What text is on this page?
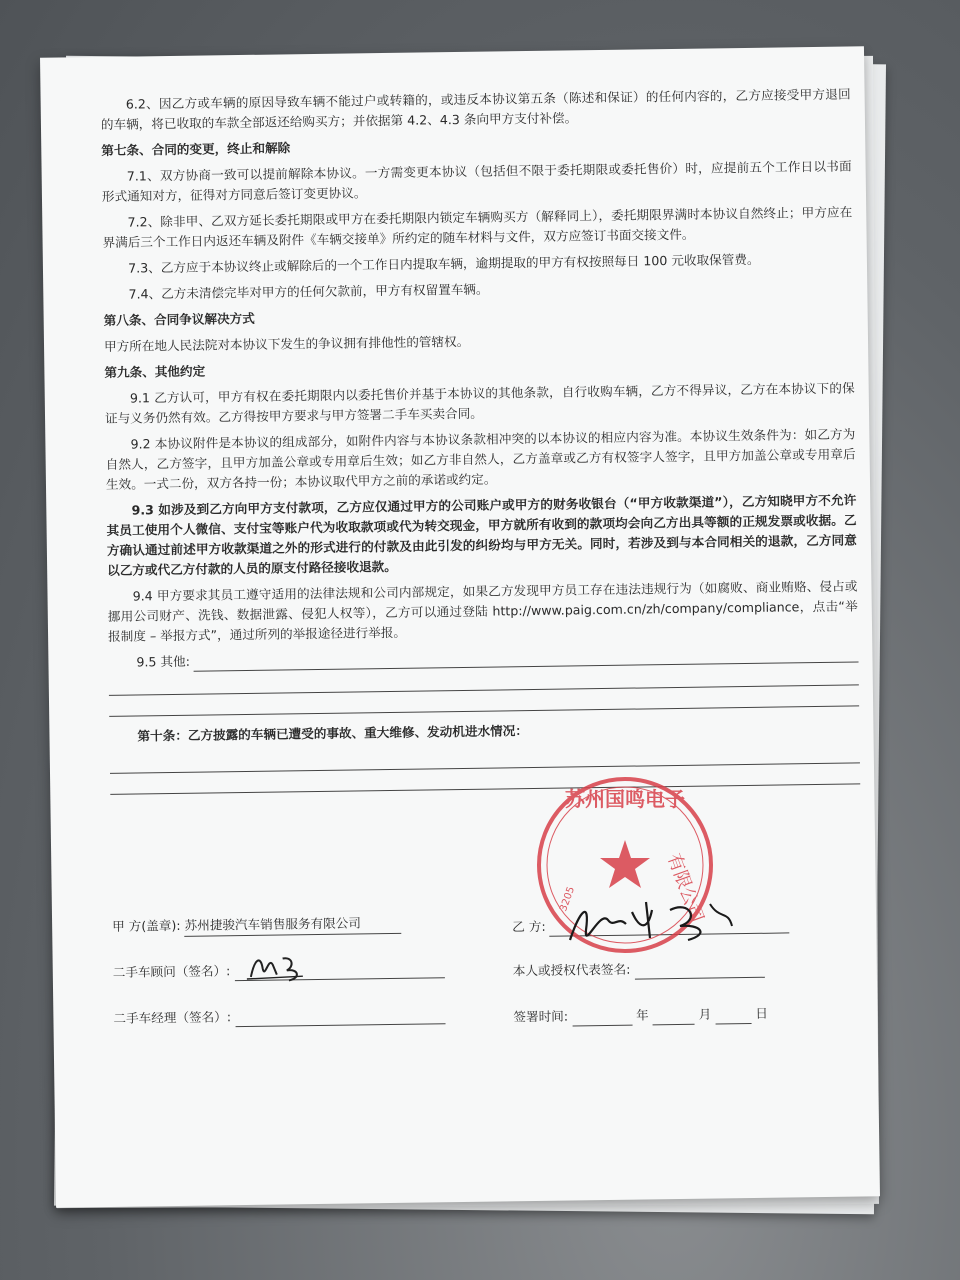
6.2、因乙方或车辆的原因导致车辆不能过户或转籍的，或违反本协议第五条（陈述和保证）的任何内容的，乙方应接受甲方退回的车辆，将已收取的车款全部返还给购买方；并依据第 4.2、4.3 条向甲方支付补偿。

第七条、合同的变更，终止和解除

7.1、双方协商一致可以提前解除本协议。一方需变更本协议（包括但不限于委托期限或委托售价）时，应提前五个工作日以书面形式通知对方，征得对方同意后签订变更协议。

7.2、除非甲、乙双方延长委托期限或甲方在委托期限内锁定车辆购买方（解释同上），委托期限界满时本协议自然终止；甲方应在界满后三个工作日内返还车辆及附件《车辆交接单》所约定的随车材料与文件，双方应签订书面交接文件。

7.3、乙方应于本协议终止或解除后的一个工作日内提取车辆，逾期提取的甲方有权按照每日 100 元收取保管费。

7.4、乙方未清偿完毕对甲方的任何欠款前，甲方有权留置车辆。

第八条、合同争议解决方式

甲方所在地人民法院对本协议下发生的争议拥有排他性的管辖权。

第九条、其他约定

9.1 乙方认可，甲方有权在委托期限内以委托售价并基于本协议的其他条款，自行收购车辆，乙方不得异议，乙方在本协议下的保证与义务仍然有效。乙方得按甲方要求与甲方签署二手车买卖合同。

9.2 本协议附件是本协议的组成部分，如附件内容与本协议条款相冲突的以本协议的相应内容为准。本协议生效条件为：如乙方为自然人，乙方签字，且甲方加盖公章或专用章后生效；如乙方非自然人，乙方盖章或乙方有权签字人签字，且甲方加盖公章或专用章后生效。一式二份，双方各持一份；本协议取代甲方之前的承诺或约定。

9.3 如涉及到乙方向甲方支付款项，乙方应仅通过甲方的公司账户或甲方的财务收银台（“甲方收款渠道”），乙方知晓甲方不允许其员工使用个人微信、支付宝等账户代为收取款项或代为转交现金，甲方就所有收到的款项均会向乙方出具等额的正规发票或收据。乙方确认通过前述甲方收款渠道之外的形式进行的付款及由此引发的纠纷均与甲方无关。同时，若涉及到与本合同相关的退款，乙方同意以乙方或代乙方付款的人员的原支付路径接收退款。

9.4 甲方要求其员工遵守适用的法律法规和公司内部规定，如果乙方发现甲方员工存在违法违规行为（如腐败、商业贿赂、侵占或挪用公司财产、洗钱、数据泄露、侵犯人权等），乙方可以通过登陆 http://www.paig.com.cn/zh/company/compliance，点击“举报制度 – 举报方式”，通过所列的举报途径进行举报。

9.5 其他:

第十条：乙方披露的车辆已遭受的事故、重大维修、发动机进水情况：

甲 方(盖章): 苏州捷骏汽车销售服务有限公司	乙 方:
二手车顾问（签名）:	本人或授权代表签名:
二手车经理（签名）:	签署时间:	年	月	日
苏州国鸣电子
有限公司
3205
